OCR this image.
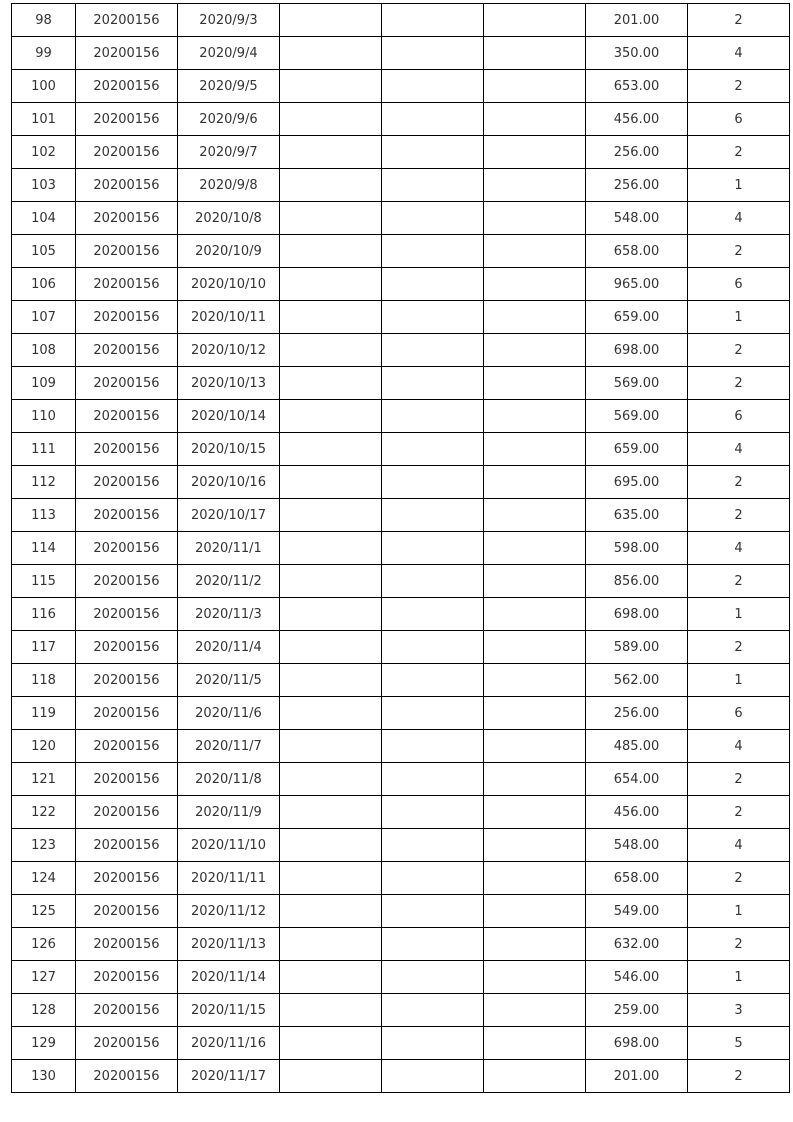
98	20200156	2020/9/3				201.00	2
99	20200156	2020/9/4				350.00	4
100	20200156	2020/9/5				653.00	2
101	20200156	2020/9/6				456.00	6
102	20200156	2020/9/7				256.00	2
103	20200156	2020/9/8				256.00	1
104	20200156	2020/10/8				548.00	4
105	20200156	2020/10/9				658.00	2
106	20200156	2020/10/10				965.00	6
107	20200156	2020/10/11				659.00	1
108	20200156	2020/10/12				698.00	2
109	20200156	2020/10/13				569.00	2
110	20200156	2020/10/14				569.00	6
111	20200156	2020/10/15				659.00	4
112	20200156	2020/10/16				695.00	2
113	20200156	2020/10/17				635.00	2
114	20200156	2020/11/1				598.00	4
115	20200156	2020/11/2				856.00	2
116	20200156	2020/11/3				698.00	1
117	20200156	2020/11/4				589.00	2
118	20200156	2020/11/5				562.00	1
119	20200156	2020/11/6				256.00	6
120	20200156	2020/11/7				485.00	4
121	20200156	2020/11/8				654.00	2
122	20200156	2020/11/9				456.00	2
123	20200156	2020/11/10				548.00	4
124	20200156	2020/11/11				658.00	2
125	20200156	2020/11/12				549.00	1
126	20200156	2020/11/13				632.00	2
127	20200156	2020/11/14				546.00	1
128	20200156	2020/11/15				259.00	3
129	20200156	2020/11/16				698.00	5
130	20200156	2020/11/17				201.00	2
